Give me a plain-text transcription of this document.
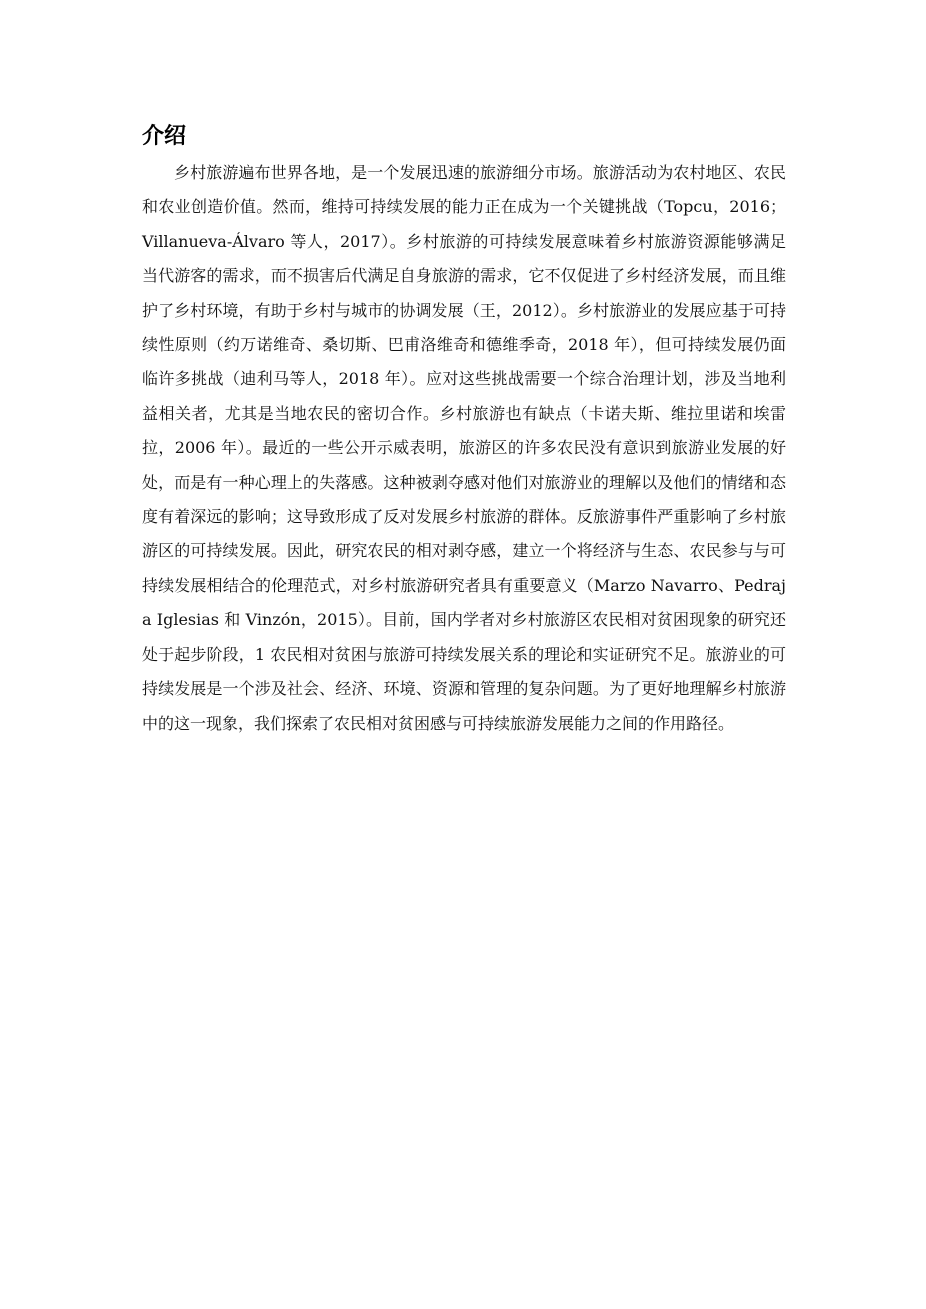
介绍

乡村旅游遍布世界各地，是一个发展迅速的旅游细分市场。旅游活动为农村地区、农民和农业创造价值。然而，维持可持续发展的能力正在成为一个关键挑战（Topcu，2016；Villanueva-Álvaro 等人，2017）。乡村旅游的可持续发展意味着乡村旅游资源能够满足当代游客的需求，而不损害后代满足自身旅游的需求，它不仅促进了乡村经济发展，而且维护了乡村环境，有助于乡村与城市的协调发展（王，2012）。乡村旅游业的发展应基于可持续性原则（约万诺维奇、桑切斯、巴甫洛维奇和德维季奇，2018 年），但可持续发展仍面临许多挑战（迪利马等人，2018 年）。应对这些挑战需要一个综合治理计划，涉及当地利益相关者，尤其是当地农民的密切合作。乡村旅游也有缺点（卡诺夫斯、维拉里诺和埃雷拉，2006 年）。最近的一些公开示威表明，旅游区的许多农民没有意识到旅游业发展的好处，而是有一种心理上的失落感。这种被剥夺感对他们对旅游业的理解以及他们的情绪和态度有着深远的影响；这导致形成了反对发展乡村旅游的群体。反旅游事件严重影响了乡村旅游区的可持续发展。因此，研究农民的相对剥夺感，建立一个将经济与生态、农民参与与可持续发展相结合的伦理范式，对乡村旅游研究者具有重要意义（Marzo Navarro、Pedraja Iglesias 和 Vinzón，2015）。目前，国内学者对乡村旅游区农民相对贫困现象的研究还处于起步阶段，1 农民相对贫困与旅游可持续发展关系的理论和实证研究不足。旅游业的可持续发展是一个涉及社会、经济、环境、资源和管理的复杂问题。为了更好地理解乡村旅游中的这一现象，我们探索了农民相对贫困感与可持续旅游发展能力之间的作用路径。
